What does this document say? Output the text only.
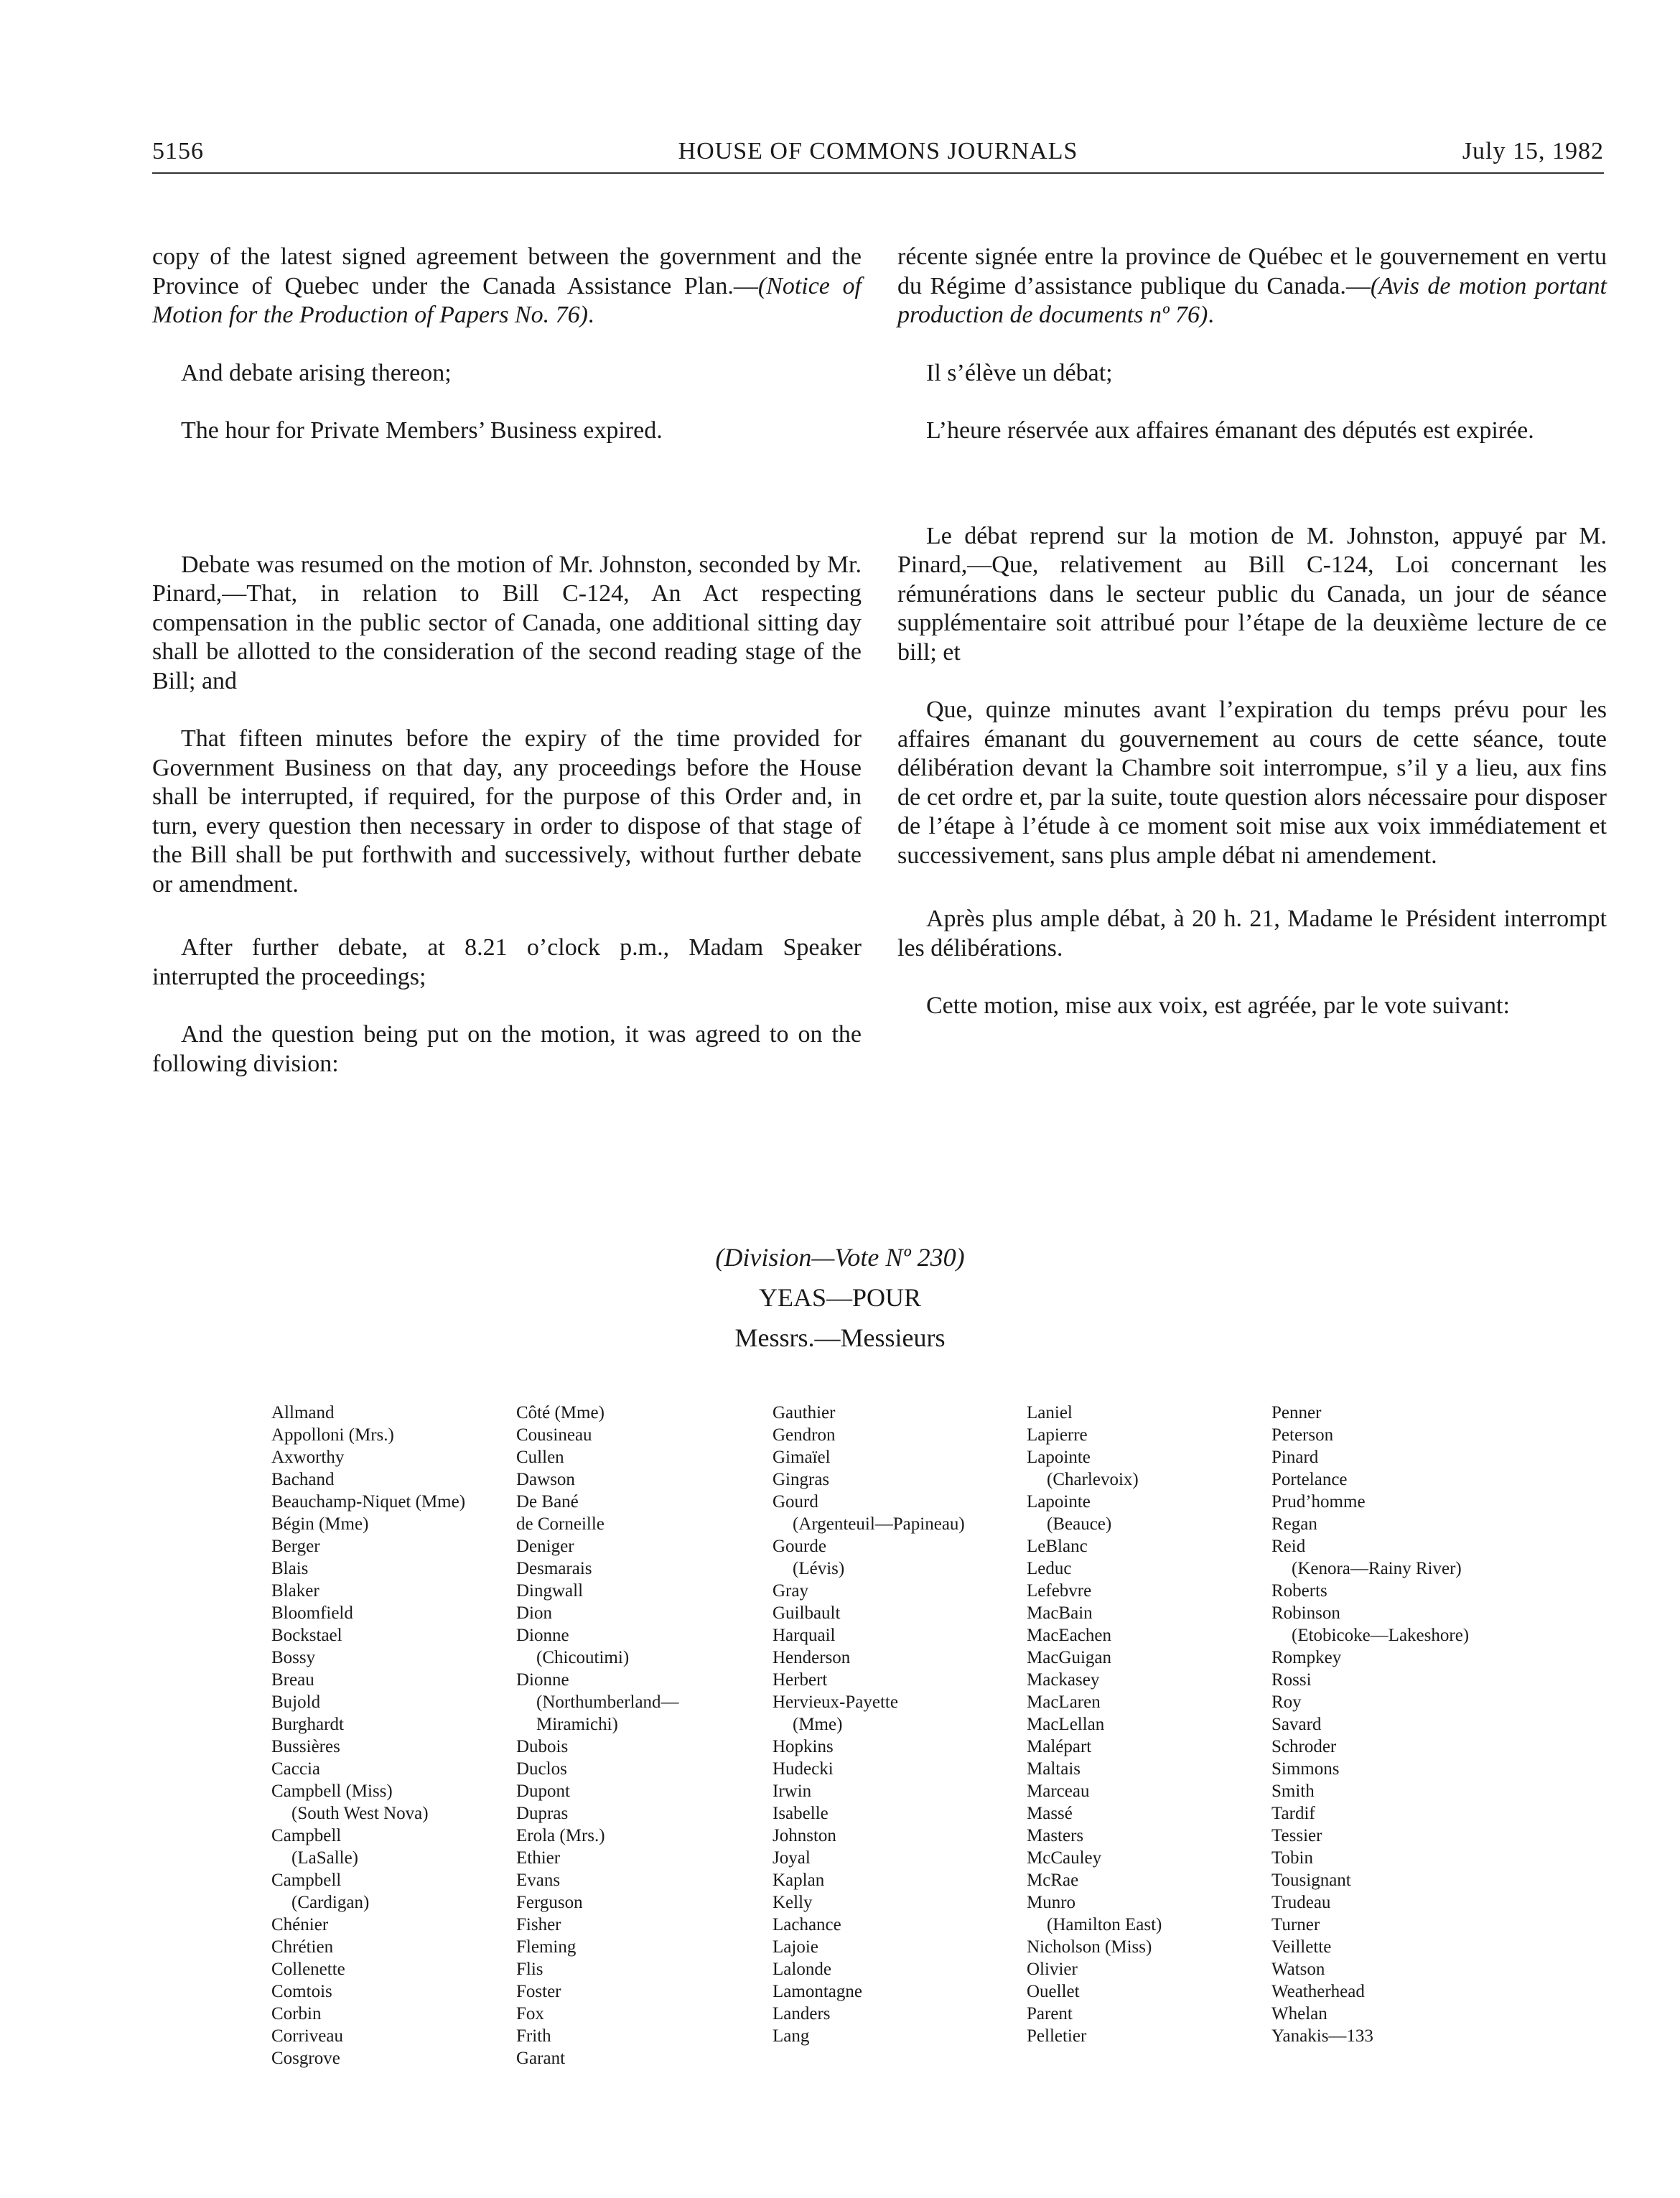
5156	HOUSE OF COMMONS JOURNALS	July 15, 1982

copy of the latest signed agreement between the government and the Province of Quebec under the Canada Assistance Plan.—(Notice of Motion for the Production of Papers No. 76).

And debate arising thereon;

The hour for Private Members’ Business expired.

Debate was resumed on the motion of Mr. Johnston, seconded by Mr. Pinard,—That, in relation to Bill C-124, An Act respecting compensation in the public sector of Canada, one additional sitting day shall be allotted to the consideration of the second reading stage of the Bill; and

That fifteen minutes before the expiry of the time provided for Government Business on that day, any proceedings before the House shall be interrupted, if required, for the purpose of this Order and, in turn, every question then necessary in order to dispose of that stage of the Bill shall be put forthwith and successively, without further debate or amendment.

After further debate, at 8.21 o’clock p.m., Madam Speaker interrupted the proceedings;

And the question being put on the motion, it was agreed to on the following division:

récente signée entre la province de Québec et le gouvernement en vertu du Régime d’assistance publique du Canada.—(Avis de motion portant production de documents nº 76).

Il s’élève un débat;

L’heure réservée aux affaires émanant des députés est expirée.

Le débat reprend sur la motion de M. Johnston, appuyé par M. Pinard,—Que, relativement au Bill C-124, Loi concernant les rémunérations dans le secteur public du Canada, un jour de séance supplémentaire soit attribué pour l’étape de la deuxième lecture de ce bill; et

Que, quinze minutes avant l’expiration du temps prévu pour les affaires émanant du gouvernement au cours de cette séance, toute délibération devant la Chambre soit interrompue, s’il y a lieu, aux fins de cet ordre et, par la suite, toute question alors nécessaire pour disposer de l’étape à l’étude à ce moment soit mise aux voix immédiatement et successivement, sans plus ample débat ni amendement.

Après plus ample débat, à 20 h. 21, Madame le Président interrompt les délibérations.

Cette motion, mise aux voix, est agréée, par le vote suivant:

(Division—Vote Nº 230)
YEAS—POUR
Messrs.—Messieurs
Allmand
Appolloni (Mrs.)
Axworthy
Bachand
Beauchamp-Niquet (Mme)
Bégin (Mme)
Berger
Blais
Blaker
Bloomfield
Bockstael
Bossy
Breau
Bujold
Burghardt
Bussières
Caccia
Campbell (Miss)
(South West Nova)
Campbell
(LaSalle)
Campbell
(Cardigan)
Chénier
Chrétien
Collenette
Comtois
Corbin
Corriveau
Cosgrove
Côté (Mme)
Cousineau
Cullen
Dawson
De Bané
de Corneille
Deniger
Desmarais
Dingwall
Dion
Dionne
(Chicoutimi)
Dionne
(Northumberland—
Miramichi)
Dubois
Duclos
Dupont
Dupras
Erola (Mrs.)
Ethier
Evans
Ferguson
Fisher
Fleming
Flis
Foster
Fox
Frith
Garant
Gauthier
Gendron
Gimaïel
Gingras
Gourd
(Argenteuil—Papineau)
Gourde
(Lévis)
Gray
Guilbault
Harquail
Henderson
Herbert
Hervieux-Payette
(Mme)
Hopkins
Hudecki
Irwin
Isabelle
Johnston
Joyal
Kaplan
Kelly
Lachance
Lajoie
Lalonde
Lamontagne
Landers
Lang
Laniel
Lapierre
Lapointe
(Charlevoix)
Lapointe
(Beauce)
LeBlanc
Leduc
Lefebvre
MacBain
MacEachen
MacGuigan
Mackasey
MacLaren
MacLellan
Malépart
Maltais
Marceau
Massé
Masters
McCauley
McRae
Munro
(Hamilton East)
Nicholson (Miss)
Olivier
Ouellet
Parent
Pelletier
Penner
Peterson
Pinard
Portelance
Prud’homme
Regan
Reid
(Kenora—Rainy River)
Roberts
Robinson
(Etobicoke—Lakeshore)
Rompkey
Rossi
Roy
Savard
Schroder
Simmons
Smith
Tardif
Tessier
Tobin
Tousignant
Trudeau
Turner
Veillette
Watson
Weatherhead
Whelan
Yanakis—133
